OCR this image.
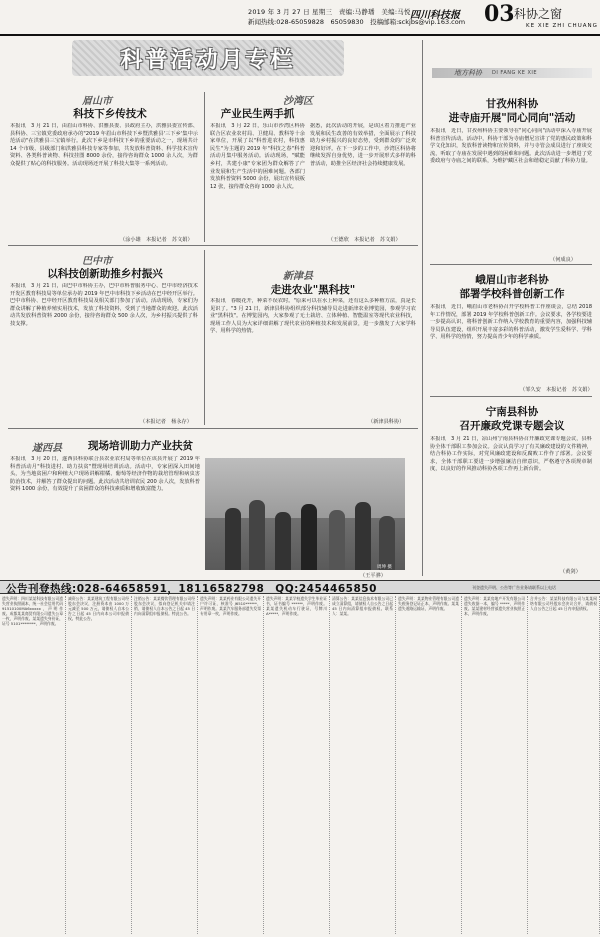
2019 年 3 月 27 日 星期三　责编:马静璠　美编:马悦
新闻热线:028-65059828　65059830　投稿邮箱:sckjbs@vip.163.com
四川科技报 03 科协之窗
KE XIE ZHI CHUANG
科普活动月专栏
眉山市
科技下乡传技术
本报讯　3 月 21 日，由眉山市科协、洪雅县委、县政府主办，洪雅县委宣传部、县科协、三宝镇党委政府承办的"2019 年眉山市科技下乡暨洪雅县'三下乡'集中示范活动"在洪雅县三宝镇举行。此次下乡是市科技下乡的重要活动之一，现场共计 14 个市级、县级部门和洪雅县科技专家等参加，共发放科普资料、科学技术宣传资料、各类科普读物、科技挂图 8000 余份，接待咨询群众 1000 余人次，为群众提供了贴心的科技服务。活动现场还开展了科技大集等一系列活动。
（涂小雄　本报记者　苏文娟）
沙湾区
产业民生两手抓
本报讯　3 月 22 日，乐山市沙湾区科协联合区农业农村局、卫健局、教科等十余家单位，开展了以"科普进农村，科技惠民生"为主题的 2019 年"科技之春"科普活动月集中服务活动。活动现场，"赋能乡村，共建小康"专家团为群众解答了产业发展和生产生活中的困难问题。各部门发放科普资料 5000 余份，展出宣传展板 12 张，接待群众咨询 1000 余人次。
据悉，此次活动的开展，是该区着力推进产业发展和民生改善的有效举措，全面展示了科技助力乡村振兴的良好态势，受到群众的广泛欢迎和好评。在下一步的工作中，沙湾区科协将继续发挥自身优势，进一步开展形式多样的科普活动，助推全区经济社会持续健康发展。
（王德欣　本报记者　苏文娟）
巴中市
以科技创新助推乡村振兴
本报讯　3 月 21 日，由巴中市科协主办，巴中市科普服务中心、巴中市经济技术开发区教育科技局等单位承办的 2019 年巴中市科技下乡活动在巴中经开区举行。巴中市科协、巴中经开区教育科技局及相关部门参加了活动。活动现场，专家们为群众讲解了种植养殖实用技术，发放了科技资料，受到了当地群众的欢迎。此次活动共发放科普资料 2000 余份，接待咨询群众 500 余人次，为乡村振兴提供了科技支撑。
（本报记者　杨永存）
新津县
走进农业"黑科技"
本报讯　春暖花开，种菜不误农时。"原来可以在水上种菜，还有这么多种植方法，真是长见识了。"3 月 21 日，新津县科协组织部分科技辅导员走进新津农业博览园，参观学习农业"黑科技"。在博览园内，大家参观了无土栽培、立体种植、智能温室等现代农业科技，现场工作人员为大家详细讲解了现代农业的种植技术和发展前景，进一步激发了大家学科学、用科学的热情。
（新津县科协）
遂西县 现场培训助力产业扶贫
本报讯　3 月 20 日，遂西县科协联合县农业农村局等单位在该县开展了 2019 年科普活动月"科技进村、助力扶贫"暨现场培训活动。活动中，专家团深入田间地头，为当地贫困户和种植大户现场讲解柑橘、葡萄等经济作物的栽培管理和病虫害防治技术，并解答了群众提出的问题。此次活动共培训农民 200 余人次，发放科普资料 1000 余份，有效提升了贫困群众的科技素质和增收致富能力。
（王平骅）
周坤 摄
地方科协 DI FANG KE XIE
甘孜州科协
进寺庙开展"同心同向"活动
本报讯　近日，甘孜州科协主要领导在"同心同向"活动中深入寺庙开展科普宣传活动。活动中，科协干部为寺庙僧尼宣讲了党的惠民政策和科学文化知识，发放科普读物和宣传资料，并与寺管会成员进行了座谈交流，听取了寺庙在发展中遇到的困难和问题。此次活动进一步增进了党委政府与寺庙之间的联系，为维护藏区社会和谐稳定贡献了科协力量。
（何成良）
峨眉山市老科协
部署学校科普创新工作
本报讯　近日，峨眉山市老科协召开学校科普工作座谈会，总结 2018 年工作情况，部署 2019 年学校科普创新工作。会议要求，各学校要进一步提高认识，将科普创新工作纳入学校教育的重要内容，加强科技辅导员队伍建设，组织开展丰富多彩的科普活动，激发学生爱科学、学科学、用科学的热情，努力提高青少年的科学素质。
（邹久安　本报记者　苏文娟）
宁南县科协
召开廉政党课专题会议
本报讯　3 月 21 日，凉山州宁南县科协召开廉政党课专题会议，县科协全体干部职工参加会议。会议认真学习了有关廉政建设的文件精神，结合科协工作实际，对党风廉政建设和反腐败工作作了部署。会议要求，全体干部职工要进一步增强廉洁自律意识，严格遵守各项规章制度，以良好的作风推动科协各项工作再上新台阶。
（黄剑）
公告刊登热线:028-64658591，18116582798　QQ:2454465850	刊登遗失声明、公告等广告业务请联系以上电话
遗失声明：四川某某科技有限公司遗失营业执照副本，统一社会信用代码 91510100MA6xxxxx，声明作废。成都某某商贸有限公司遗失公章一枚，声明作废。某某遗失身份证，证号 5101********，声明作废。
减资公告：某某建筑工程有限公司经股东会决议，注册资本由 1000 万元减至 500 万元，请债权人自本公告之日起 45 日内向本公司申报债权。特此公告。
注销公告：某某餐饮管理有限公司经股东会决议，拟向登记机关申请注销，请债权人自本公告之日起 45 日内向清算组申报债权。特此公告。
遗失声明：某某药业有限公司遗失开户许可证，核准号 J6510******，声明作废。某某汽车服务部遗失发票专用章一枚，声明作废。
遗失声明：某某学校遗失学生毕业证书，证书编号 ******，声明作废。某某遗失机动车行驶证，号牌川 A*****，声明作废。
清算公告：某某信息技术有限公司已成立清算组，请债权人自公告之日起 45 日内向清算组申报债权。联系人：某某。
遗失声明：某某物业管理有限公司遗失税务登记证正本，声明作废。某某遗失道路运输证，声明作废。
遗失声明：某某房地产开发有限公司遗失收据一本，编号 *****，声明作废。某某建材经营部遗失营业执照正本，声明作废。
合并公告：某某科技有限公司与某某网络有限公司经股东会决议合并，请债权人自公告之日起 45 日内申报债权。
